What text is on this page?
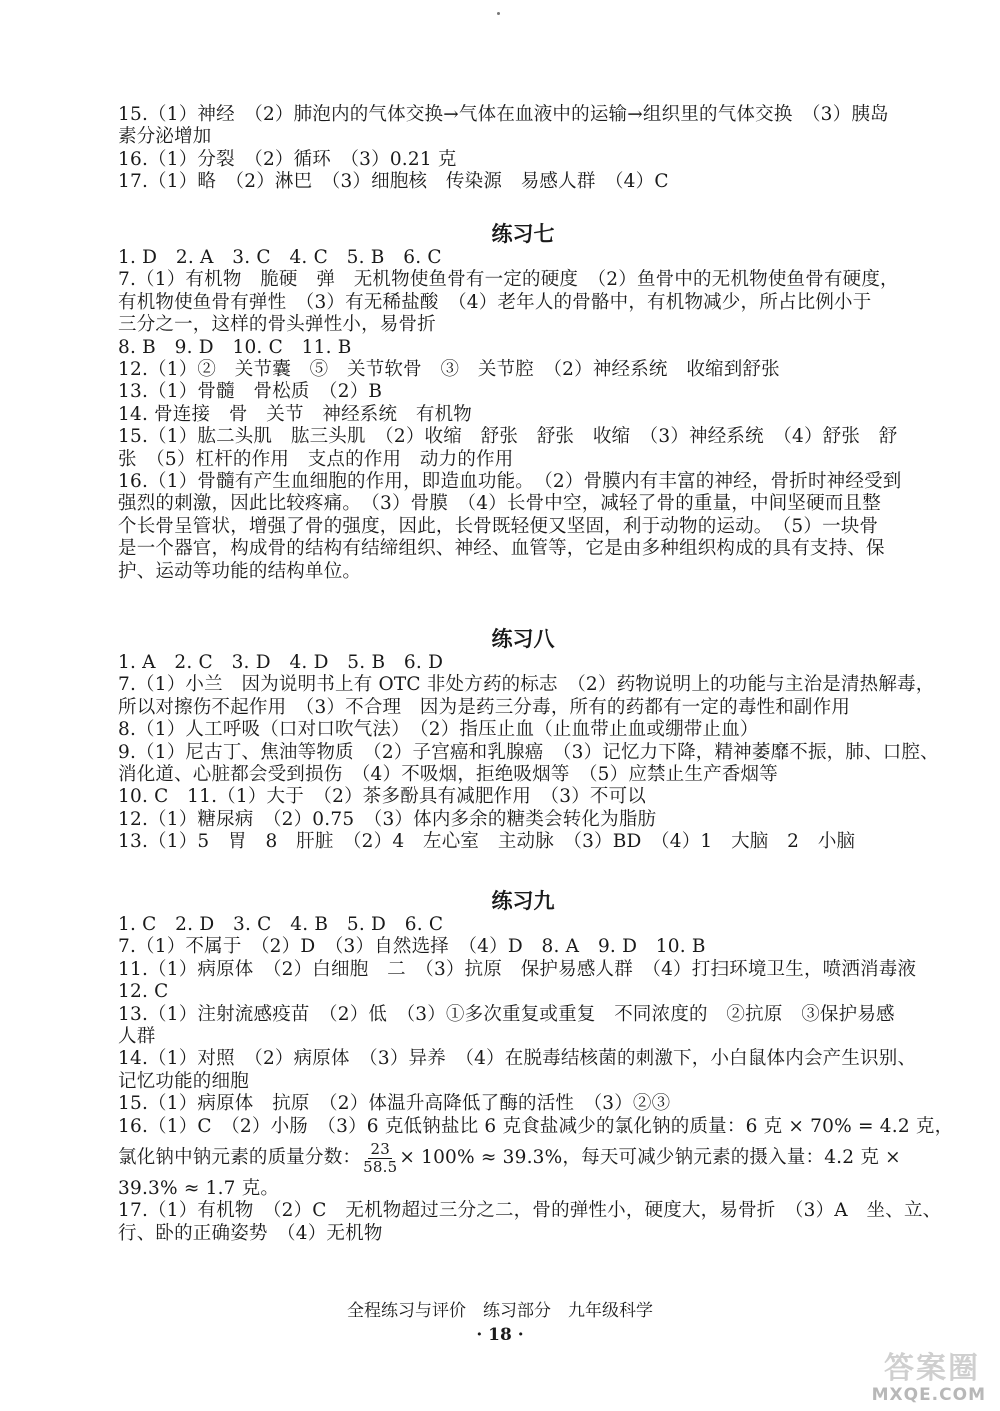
15.（1）神经　（2）肺泡内的气体交换→气体在血液中的运输→组织里的气体交换　（3）胰岛
素分泌增加
16.（1）分裂　（2）循环　（3）0.21 克
17.（1）略　（2）淋巴　（3）细胞核　传染源　易感人群　（4）C
练习七
1. D　2. A　3. C　4. C　5. B　6. C
7.（1）有机物　脆硬　弹　无机物使鱼骨有一定的硬度　（2）鱼骨中的无机物使鱼骨有硬度，
有机物使鱼骨有弹性　（3）有无稀盐酸　（4）老年人的骨骼中，有机物减少，所占比例小于
三分之一，这样的骨头弹性小，易骨折
8. B　9. D　10. C　11. B
12.（1）②　关节囊　⑤　关节软骨　③　关节腔　（2）神经系统　收缩到舒张
13.（1）骨髓　骨松质　（2）B
14. 骨连接　骨　关节　神经系统　有机物
15.（1）肱二头肌　肱三头肌　（2）收缩　舒张　舒张　收缩　（3）神经系统　（4）舒张　舒
张　（5）杠杆的作用　支点的作用　动力的作用
16.（1）骨髓有产生血细胞的作用，即造血功能。　（2）骨膜内有丰富的神经，骨折时神经受到
强烈的刺激，因此比较疼痛。　（3）骨膜　（4）长骨中空，减轻了骨的重量，中间坚硬而且整
个长骨呈管状，增强了骨的强度，因此，长骨既轻便又坚固，利于动物的运动。　（5）一块骨
是一个器官，构成骨的结构有结缔组织、神经、血管等，它是由多种组织构成的具有支持、保
护、运动等功能的结构单位。
练习八
1. A　2. C　3. D　4. D　5. B　6. D
7.（1）小兰　因为说明书上有 OTC 非处方药的标志　（2）药物说明上的功能与主治是清热解毒，
所以对擦伤不起作用　（3）不合理　因为是药三分毒，所有的药都有一定的毒性和副作用
8.（1）人工呼吸（口对口吹气法）　（2）指压止血（止血带止血或绷带止血）
9.（1）尼古丁、焦油等物质　（2）子宫癌和乳腺癌　（3）记忆力下降，精神萎靡不振，肺、口腔、
消化道、心脏都会受到损伤　（4）不吸烟，拒绝吸烟等　（5）应禁止生产香烟等
10. C　11.（1）大于　（2）茶多酚具有减肥作用　（3）不可以
12.（1）糖尿病　（2）0.75　（3）体内多余的糖类会转化为脂肪
13.（1）5　胃　8　肝脏　（2）4　左心室　主动脉　（3）BD　（4）1　大脑　2　小脑
练习九
1. C　2. D　3. C　4. B　5. D　6. C
7.（1）不属于　（2）D　（3）自然选择　（4）D　8. A　9. D　10. B
11.（1）病原体　（2）白细胞　二　（3）抗原　保护易感人群　（4）打扫环境卫生，喷洒消毒液
12. C
13.（1）注射流感疫苗　（2）低　（3）①多次重复或重复　不同浓度的　②抗原　③保护易感
人群
14.（1）对照　（2）病原体　（3）异养　（4）在脱毒结核菌的刺激下，小白鼠体内会产生识别、
记忆功能的细胞
15.（1）病原体　抗原　（2）体温升高降低了酶的活性　（3）②③
16.（1）C　（2）小肠　（3）6 克低钠盐比 6 克食盐减少的氯化钠的质量：6 克 × 70% = 4.2 克，
氯化钠中钠元素的质量分数： $\frac{23}{58.5} \times 100\% \approx 39.3\%$，每天可减少钠元素的摄入量：4.2 克 ×
39.3% ≈ 1.7 克。
17.（1）有机物　（2）C　无机物超过三分之二，骨的弹性小，硬度大，易骨折　（3）A　坐、立、
行、卧的正确姿势　（4）无机物
全程练习与评价　练习部分　九年级科学
· 18 ·
答案圈
MXQE.COM
